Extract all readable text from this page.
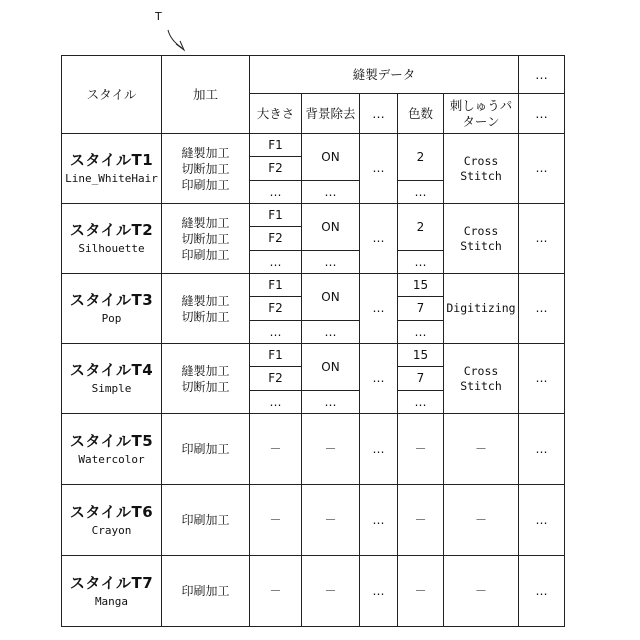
T
スタイル	加工	縫製データ	…
大きさ	背景除去	…	色数	刺しゅうパターン	…

スタイルT1
Line_WhiteHair
	縫製加工
切断加工
印刷加工	F1	ON	…	2	Cross
Stitch	…
F2
…	…	…

スタイルT2
Silhouette
	縫製加工
切断加工
印刷加工	F1	ON	…	2	Cross
Stitch	…
F2
…	…	…

スタイルT3
Pop
	縫製加工
切断加工	F1	ON	…	15	Digitizing	…
F2	7
…	…	…

スタイルT4
Simple
	縫製加工
切断加工	F1	ON	…	15	Cross
Stitch	…
F2	7
…	…	…

スタイルT5
Watercolor
	印刷加工	－	－	…	－	－	…

スタイルT6
Crayon
	印刷加工	－	－	…	－	－	…

スタイルT7
Manga
	印刷加工	－	－	…	－	－	…
